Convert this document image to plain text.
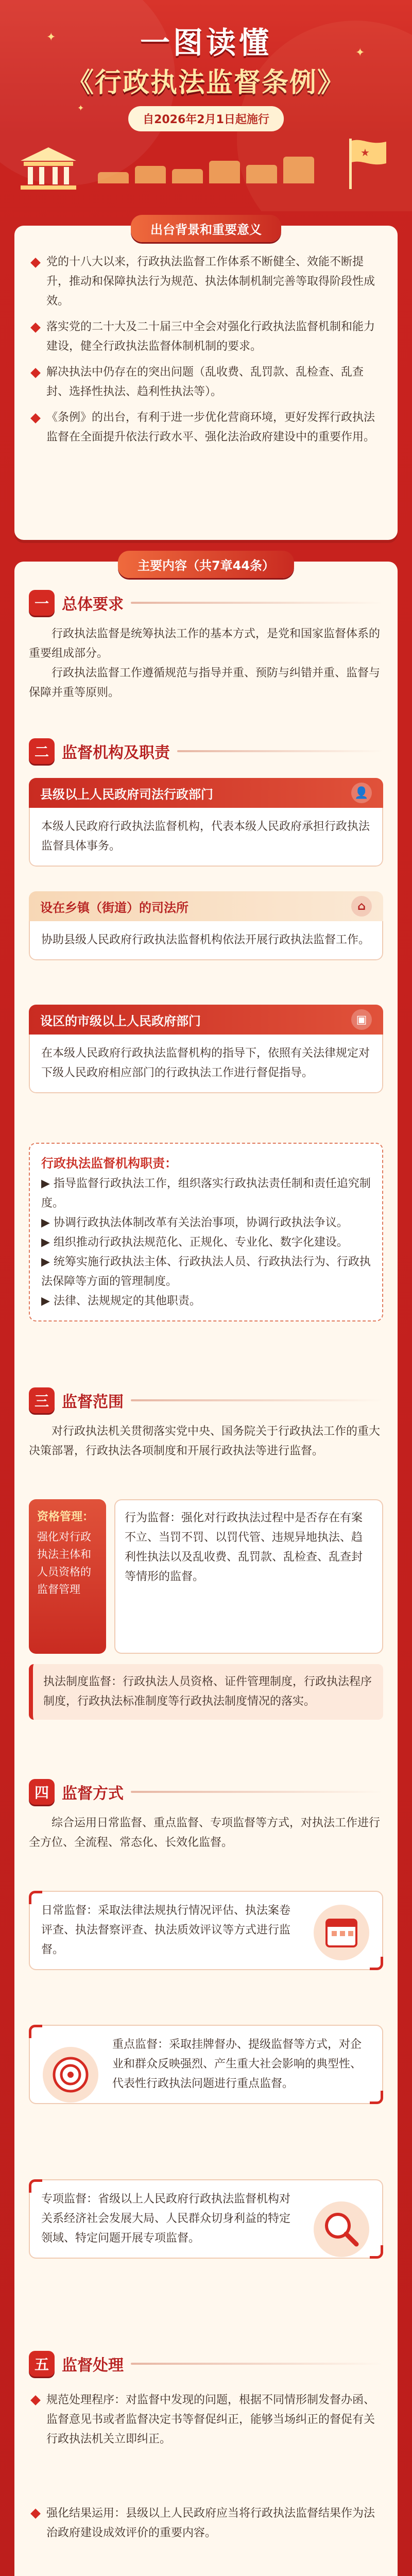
✦
✦
✦
一图读懂
《行政执法监督条例》
自2026年2月1日起施行
★
出台背景和重要意义
党的十八大以来，行政执法监督工作体系不断健全、效能不断提升，推动和保障执法行为规范、执法体制机制完善等取得阶段性成效。
落实党的二十大及二十届三中全会对强化行政执法监督机制和能力建设，健全行政执法监督体制机制的要求。
解决执法中仍存在的突出问题（乱收费、乱罚款、乱检查、乱查封、选择性执法、趋利性执法等）。
《条例》的出台，有利于进一步优化营商环境，更好发挥行政执法监督在全面提升依法行政水平、强化法治政府建设中的重要作用。
主要内容（共7章44条）
一 总体要求

行政执法监督是统筹执法工作的基本方式，是党和国家监督体系的重要组成部分。

行政执法监督工作遵循规范与指导并重、预防与纠错并重、监督与保障并重等原则。

二 监督机构及职责
县级以上人民政府司法行政部门	👤
本级人民政府行政执法监督机构，代表本级人民政府承担行政执法监督具体事务。
设在乡镇（街道）的司法所	⌂
协助县级人民政府行政执法监督机构依法开展行政执法监督工作。
设区的市级以上人民政府部门	▣
在本级人民政府行政执法监督机构的指导下，依照有关法律规定对下级人民政府相应部门的行政执法工作进行督促指导。
行政执法监督机构职责：
▶ 指导监督行政执法工作，组织落实行政执法责任制和责任追究制度。
▶ 协调行政执法体制改革有关法治事项，协调行政执法争议。
▶ 组织推动行政执法规范化、正规化、专业化、数字化建设。
▶ 统筹实施行政执法主体、行政执法人员、行政执法行为、行政执法保障等方面的管理制度。
▶ 法律、法规规定的其他职责。
三 监督范围

对行政执法机关贯彻落实党中央、国务院关于行政执法工作的重大决策部署，行政执法各项制度和开展行政执法等进行监督。

资格管理：
强化对行政执法主体和人员资格的监督管理
行为监督：强化对行政执法过程中是否存在有案不立、当罚不罚、以罚代管、违规异地执法、趋利性执法以及乱收费、乱罚款、乱检查、乱查封等情形的监督。
执法制度监督：行政执法人员资格、证件管理制度，行政执法程序制度，行政执法标准制度等行政执法制度情况的落实。
四 监督方式

综合运用日常监督、重点监督、专项监督等方式，对执法工作进行全方位、全流程、常态化、长效化监督。

日常监督：采取法律法规执行情况评估、执法案卷评查、执法督察评查、执法质效评议等方式进行监督。
重点监督：采取挂牌督办、提级监督等方式，对企业和群众反映强烈、产生重大社会影响的典型性、代表性行政执法问题进行重点监督。
专项监督：省级以上人民政府行政执法监督机构对关系经济社会发展大局、人民群众切身利益的特定领域、特定问题开展专项监督。
五 监督处理
规范处理程序：对监督中发现的问题，根据不同情形制发督办函、监督意见书或者监督决定书等督促纠正，能够当场纠正的督促有关行政执法机关立即纠正。
强化结果运用：县级以上人民政府应当将行政执法监督结果作为法治政府建设成效评价的重要内容。
